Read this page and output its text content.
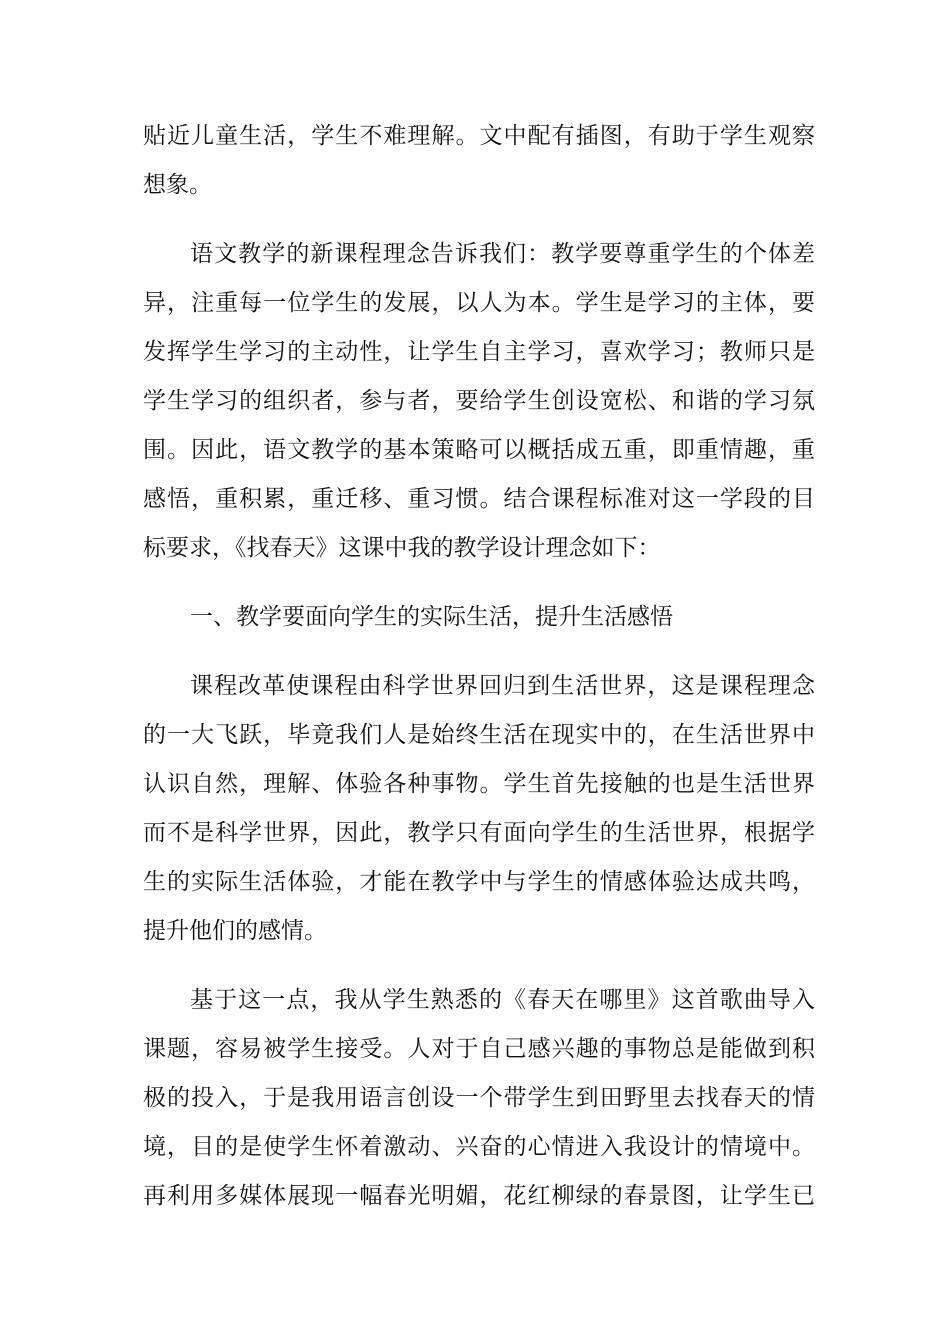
贴近儿童生活，学生不难理解。文中配有插图，有助于学生观察
想象。
语文教学的新课程理念告诉我们：教学要尊重学生的个体差
异，注重每一位学生的发展，以人为本。学生是学习的主体，要
发挥学生学习的主动性，让学生自主学习，喜欢学习；教师只是
学生学习的组织者，参与者，要给学生创设宽松、和谐的学习氛
围。因此，语文教学的基本策略可以概括成五重，即重情趣，重
感悟，重积累，重迁移、重习惯。结合课程标准对这一学段的目
标要求，《找春天》这课中我的教学设计理念如下：
一、教学要面向学生的实际生活，提升生活感悟
课程改革使课程由科学世界回归到生活世界，这是课程理念
的一大飞跃，毕竟我们人是始终生活在现实中的，在生活世界中
认识自然，理解、体验各种事物。学生首先接触的也是生活世界
而不是科学世界，因此，教学只有面向学生的生活世界，根据学
生的实际生活体验，才能在教学中与学生的情感体验达成共鸣，
提升他们的感情。
基于这一点，我从学生熟悉的《春天在哪里》这首歌曲导入
课题，容易被学生接受。人对于自己感兴趣的事物总是能做到积
极的投入，于是我用语言创设一个带学生到田野里去找春天的情
境，目的是使学生怀着激动、兴奋的心情进入我设计的情境中。
再利用多媒体展现一幅春光明媚，花红柳绿的春景图，让学生已
